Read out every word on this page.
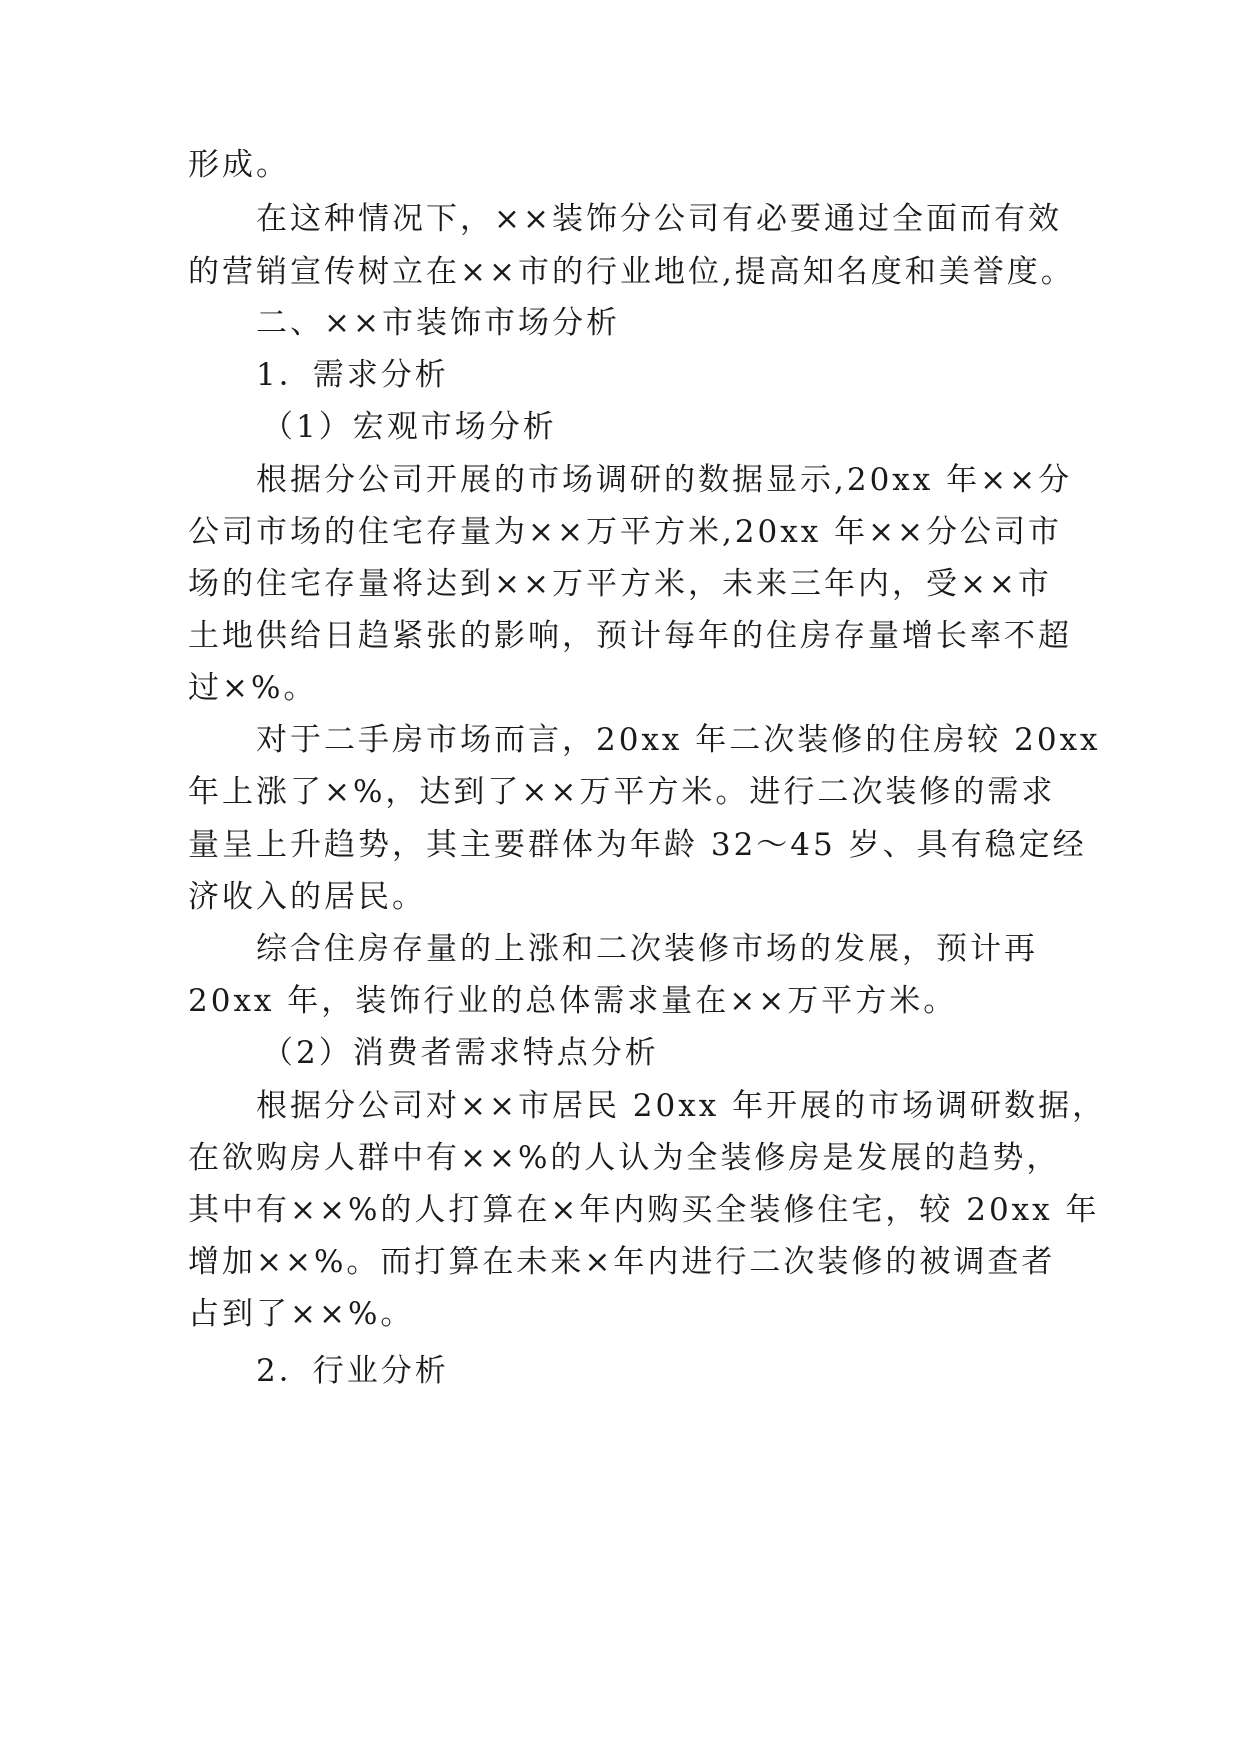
形成。
在这种情况下，××装饰分公司有必要通过全面而有效
的营销宣传树立在××市的行业地位,提高知名度和美誉度。
二、××市装饰市场分析
1．需求分析
（1）宏观市场分析
根据分公司开展的市场调研的数据显示,20xx 年××分
公司市场的住宅存量为××万平方米,20xx 年××分公司市
场的住宅存量将达到××万平方米，未来三年内，受××市
土地供给日趋紧张的影响，预计每年的住房存量增长率不超
过×%。
对于二手房市场而言，20xx 年二次装修的住房较 20xx
年上涨了×%，达到了××万平方米。进行二次装修的需求
量呈上升趋势，其主要群体为年龄 32～45 岁、具有稳定经
济收入的居民。
综合住房存量的上涨和二次装修市场的发展，预计再
20xx 年，装饰行业的总体需求量在××万平方米。
（2）消费者需求特点分析
根据分公司对××市居民 20xx 年开展的市场调研数据，
在欲购房人群中有××%的人认为全装修房是发展的趋势，
其中有××%的人打算在×年内购买全装修住宅，较 20xx 年
增加××%。而打算在未来×年内进行二次装修的被调查者
占到了××%。
2．行业分析
